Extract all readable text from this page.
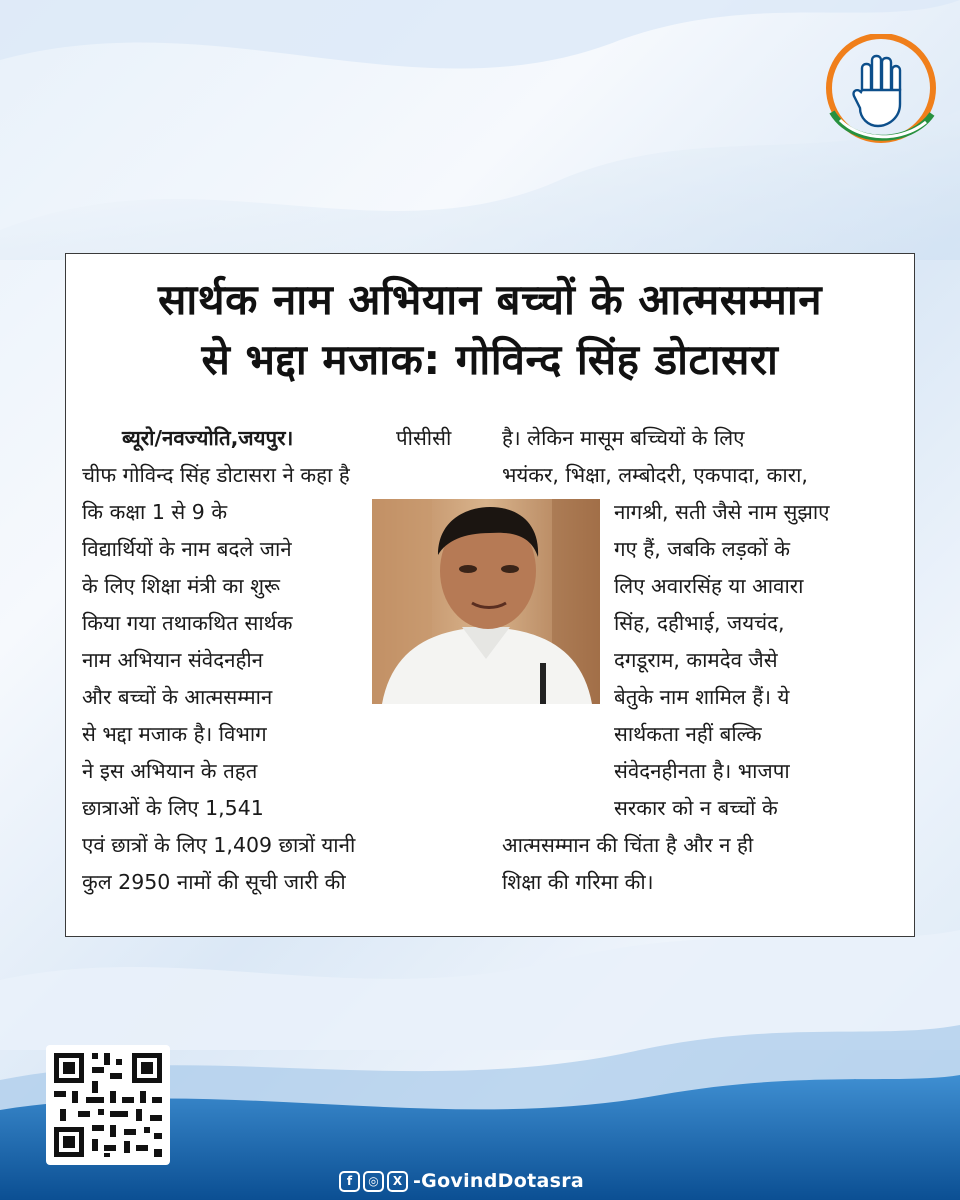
सार्थक नाम अभियान बच्चों के आत्मसम्मान
से भद्दा मजाक: गोविन्द सिंह डोटासरा
ब्यूरो/नवज्योति,जयपुर।	पीसीसी
चीफ गोविन्द सिंह डोटासरा ने कहा है
कि कक्षा 1 से 9 के
विद्यार्थियों के नाम बदले जाने
के लिए शिक्षा मंत्री का शुरू
किया गया तथाकथित सार्थक
नाम अभियान संवेदनहीन
और बच्चों के आत्मसम्मान
से भद्दा मजाक है। विभाग
ने इस अभियान के तहत
छात्राओं के लिए 1,541
एवं छात्रों के लिए 1,409 छात्रों यानी
कुल 2950 नामों की सूची जारी की
है। लेकिन मासूम बच्चियों के लिए
भयंकर, भिक्षा, लम्बोदरी, एकपादा, कारा,
नागश्री, सती जैसे नाम सुझाए
गए हैं, जबकि लड़कों के
लिए अवारसिंह या आवारा
सिंह, दहीभाई, जयचंद,
दगडूराम, कामदेव जैसे
बेतुके नाम शामिल हैं। ये
सार्थकता नहीं बल्कि
संवेदनहीनता है। भाजपा
सरकार को न बच्चों के
आत्मसम्मान की चिंता है और न ही
शिक्षा की गरिमा की।
f	◎	X -GovindDotasra
